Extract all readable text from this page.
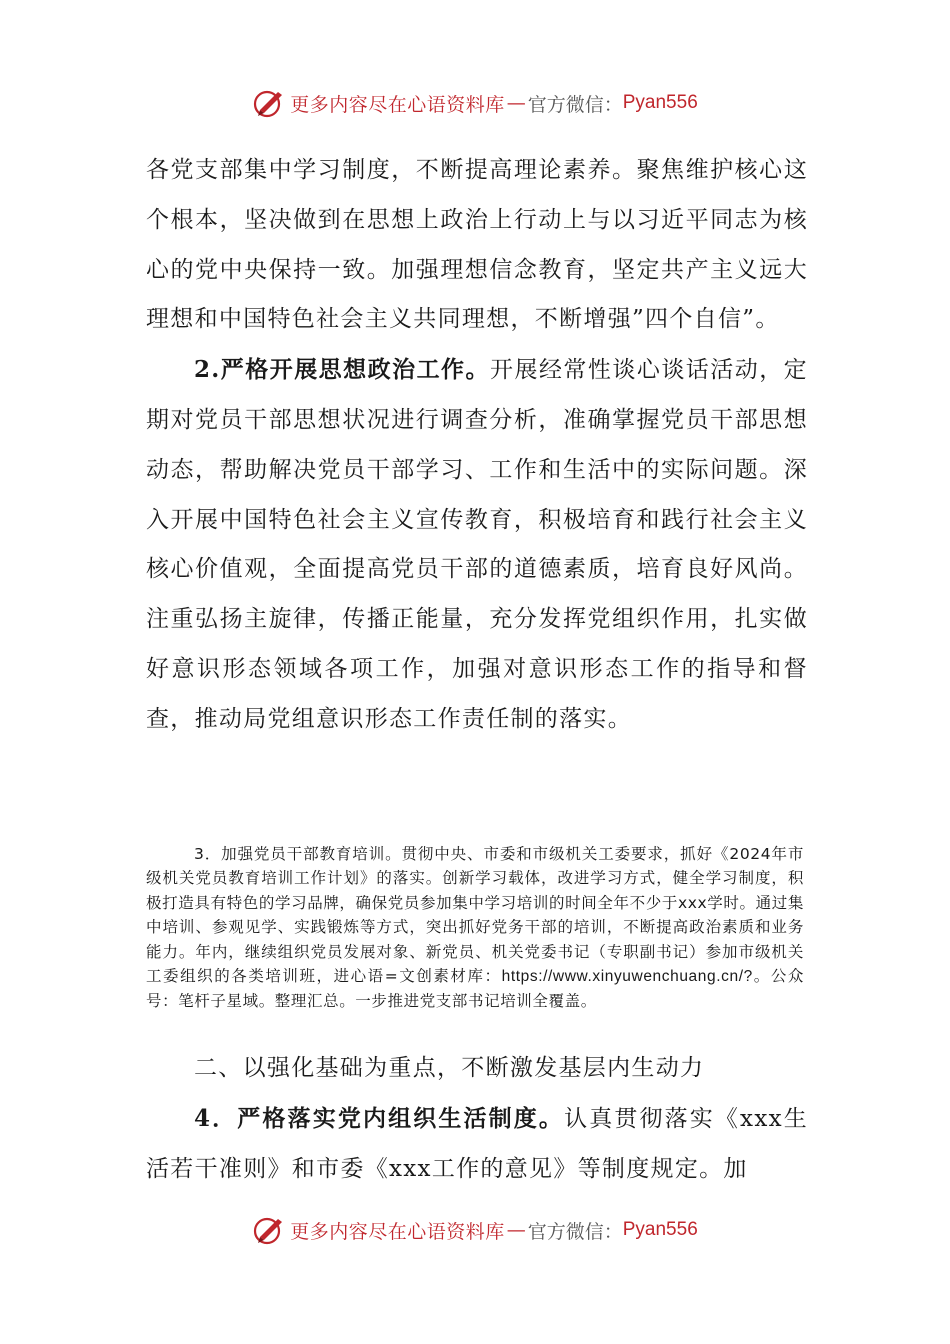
更多内容尽在心语资料库 — 官方微信： Pyan556

各党支部集中学习制度，不断提高理论素养。聚焦维护核心这个根本，坚决做到在思想上政治上行动上与以习近平同志为核心的党中央保持一致。加强理想信念教育，坚定共产主义远大理想和中国特色社会主义共同理想，不断增强”四个自信”。

2.严格开展思想政治工作。开展经常性谈心谈话活动，定期对党员干部思想状况进行调查分析，准确掌握党员干部思想动态，帮助解决党员干部学习、工作和生活中的实际问题。深入开展中国特色社会主义宣传教育，积极培育和践行社会主义核心价值观，全面提高党员干部的道德素质，培育良好风尚。注重弘扬主旋律，传播正能量，充分发挥党组织作用，扎实做好意识形态领域各项工作，加强对意识形态工作的指导和督查，推动局党组意识形态工作责任制的落实。

3．加强党员干部教育培训。贯彻中央、市委和市级机关工委要求，抓好《2024年市级机关党员教育培训工作计划》的落实。创新学习载体，改进学习方式，健全学习制度，积极打造具有特色的学习品牌，确保党员参加集中学习培训的时间全年不少于xxx学时。通过集中培训、参观见学、实践锻炼等方式，突出抓好党务干部的培训，不断提高政治素质和业务能力。年内，继续组织党员发展对象、新党员、机关党委书记（专职副书记）参加市级机关工委组织的各类培训班，进心语=文创素材库：https://www.xinyuwenchuang.cn/?。公众号：笔杆子星域。整理汇总。一步推进党支部书记培训全覆盖。

二、以强化基础为重点，不断激发基层内生动力

4．严格落实党内组织生活制度。认真贯彻落实《xxx生活若干准则》和市委《xxx工作的意见》等制度规定。加

更多内容尽在心语资料库 — 官方微信： Pyan556
